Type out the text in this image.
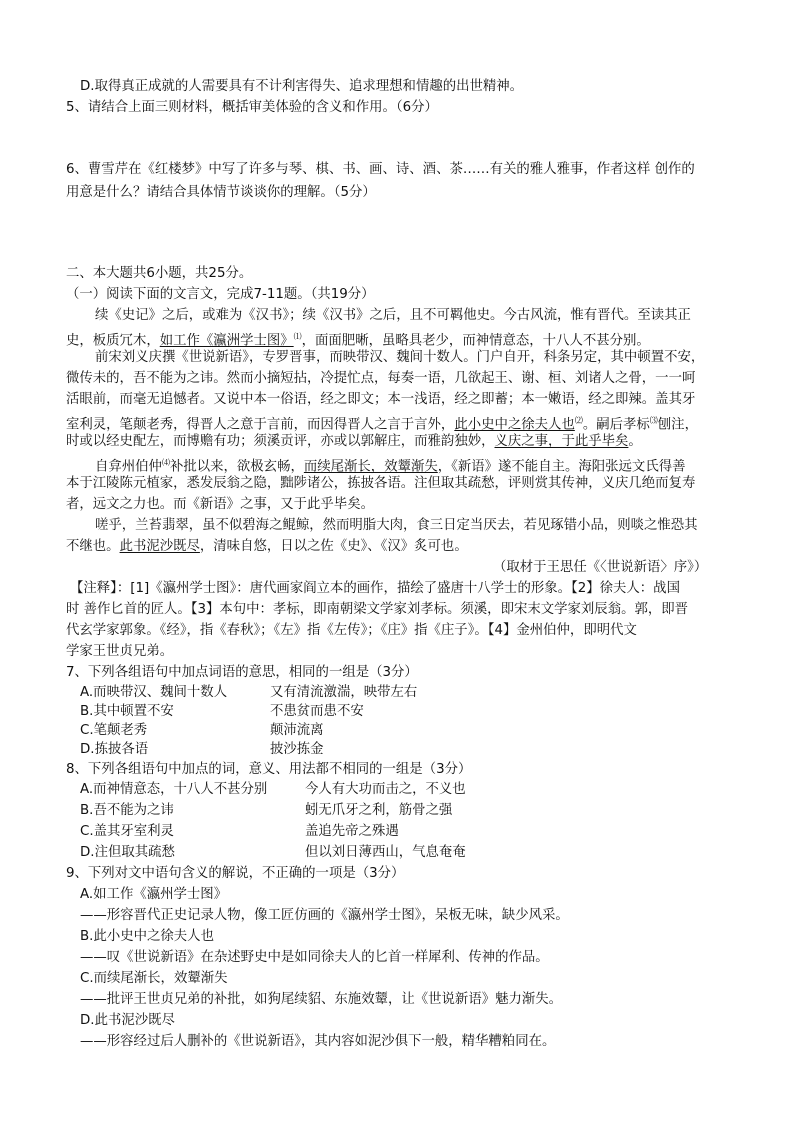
D.取得真正成就的人需要具有不计利害得失、追求理想和情趣的出世精神。
5、请结合上面三则材料，概括审美体验的含义和作用。（6分）
6、曹雪芹在《红楼梦》中写了许多与琴、棋、书、画、诗、酒、茶……有关的雅人雅事，作者这样 创作的
用意是什么？请结合具体情节谈谈你的理解。（5分）
二、本大题共6小题，共25分。
（一）阅读下面的文言文，完成7-11题。（共19分）
续《史记》之后，或难为《汉书》；续《汉书》之后，且不可羁他史。今古风流，惟有晋代。至读其正
史，板质冗木，如工作《瀛洲学士图》⑴，面面肥晰，虽略具老少，而神情意态，十八人不甚分别。
前宋刘义庆撰《世说新语》，专罗晋事，而映带汉、魏间十数人。门户自开，科条另定，其中顿置不安，
微传未的，吾不能为之讳。然而小摘短拈，冷提忙点，每奏一语，几欲起王、谢、桓、刘诸人之骨，一一呵
活眼前，而毫无追憾者。又说中本一俗语，经之即文；本一浅语，经之即蓄；本一嫩语，经之即辣。盖其牙
室利灵，笔颠老秀，得晋人之意于言前，而因得晋人之言于言外，此小史中之徐夫人也⑵。嗣后孝标⑶刨注，
时或以经史配左，而博赡有功；须溪贡评，亦或以郭解庄，而雅韵独妙，义庆之事，于此乎毕矣。
自弇州伯仲⑷补批以来，欲极玄畅，而续尾渐长，效颦渐失，《新语》遂不能自主。海阳张远文氏得善
本于江陵陈元植家，悉发辰翁之隐，黜陟诸公，拣披各语。注但取其疏愁，评则赏其传神，义庆几绝而复寿
者，远文之力也。而《新语》之事，又于此乎毕矣。
嗟乎，兰苔翡翠，虽不似碧海之鲲鲸，然而明脂大肉，食三日定当厌去，若见琢错小品，则啖之惟恐其
不继也。此书泥沙既尽，清味自悠，日以之佐《史》、《汉》炙可也。
（取材于王思任《〈世说新语〉序》）
【注释】：[1]《瀛州学士图》：唐代画家阎立本的画作，描绘了盛唐十八学士的形象。【2】徐夫人：战国
时 善作匕首的匠人。【3】本句中：孝标，即南朝梁文学家刘孝标。须溪，即宋末文学家刘辰翁。郭，即晋
代玄学家郭象。《经》，指《春秋》；《左》指《左传》；《庄》指《庄子》。【4】金州伯仲，即明代文
学家王世贞兄弟。
7、下列各组语句中加点词语的意思，相同的一组是（3分）
A.而映带汉、魏间十数人	又有清流激湍，映带左右
B.其中顿置不安	不患贫而患不安
C.笔颠老秀	颠沛流离
D.拣披各语	披沙拣金
8、下列各组语句中加点的词，意义、用法都不相同的一组是（3分）
A.而神情意态，十八人不甚分别	今人有大功而击之，不义也
B.吾不能为之讳	蚓无爪牙之利，筋骨之强
C.盖其牙室利灵	盖追先帝之殊遇
D.注但取其疏愁	但以刘日薄西山，气息奄奄
9、下列对文中语句含义的解说，不正确的一项是（3分）
A.如工作《瀛州学士图》
——形容晋代正史记录人物，像工匠仿画的《瀛州学士图》，呆板无味，缺少风采。
B.此小史中之徐夫人也
——叹《世说新语》在杂述野史中是如同徐夫人的匕首一样犀利、传神的作品。
C.而续尾渐长，效颦渐失
——批评王世贞兄弟的补批，如狗尾续貂、东施效颦，让《世说新语》魅力渐失。
D.此书泥沙既尽
——形容经过后人删补的《世说新语》，其内容如泥沙俱下一般，精华糟粕同在。
